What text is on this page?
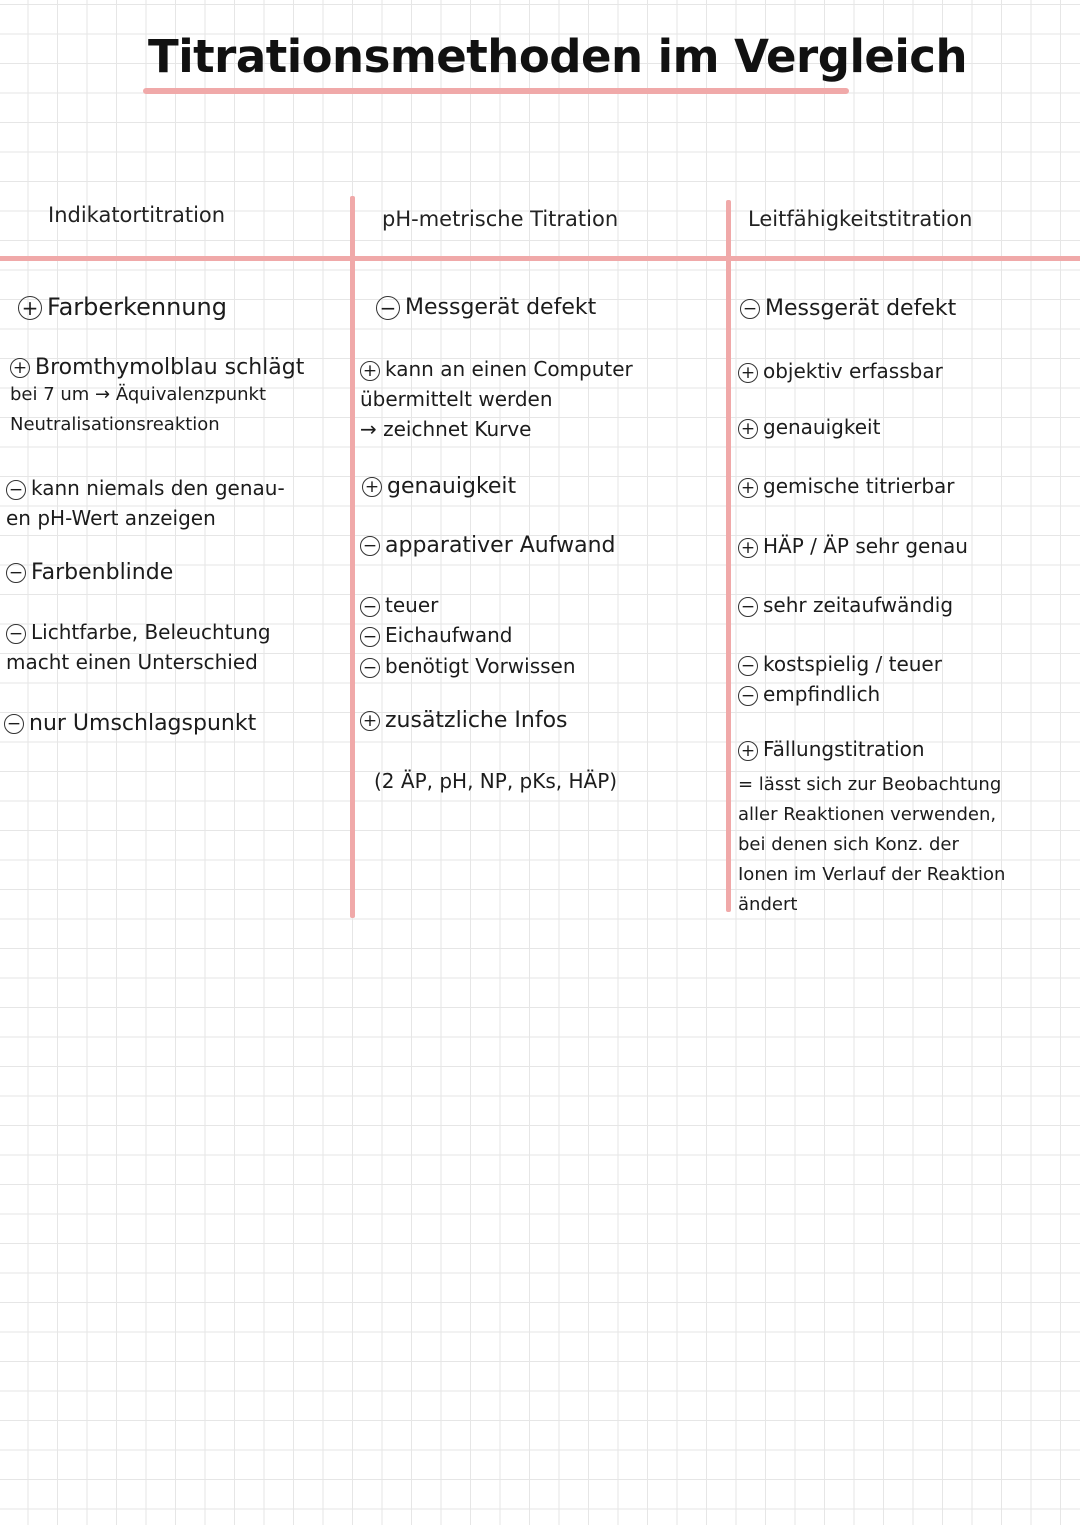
Titrationsmethoden im Vergleich
Indikatortitration	pH-metrische Titration	Leitfähigkeitstitration
+ Farberkennung
+ Bromthymolblau schlägt
bei 7 um → Äquivalenzpunkt
Neutralisationsreaktion
− kann niemals den genau-
en pH-Wert anzeigen
− Farbenblinde
− Lichtfarbe, Beleuchtung
macht einen Unterschied
− nur Umschlagspunkt
− Messgerät defekt
+ kann an einen Computer
übermittelt werden
→ zeichnet Kurve
+ genauigkeit
− apparativer Aufwand
− teuer
− Eichaufwand
− benötigt Vorwissen
+ zusätzliche Infos
(2 ÄP, pH, NP, pKs, HÄP)
− Messgerät defekt
+ objektiv erfassbar
+ genauigkeit
+ gemische titrierbar
+ HÄP / ÄP sehr genau
− sehr zeitaufwändig
− kostspielig / teuer
− empfindlich
+ Fällungstitration
= lässt sich zur Beobachtung
aller Reaktionen verwenden,
bei denen sich Konz. der
Ionen im Verlauf der Reaktion
ändert
